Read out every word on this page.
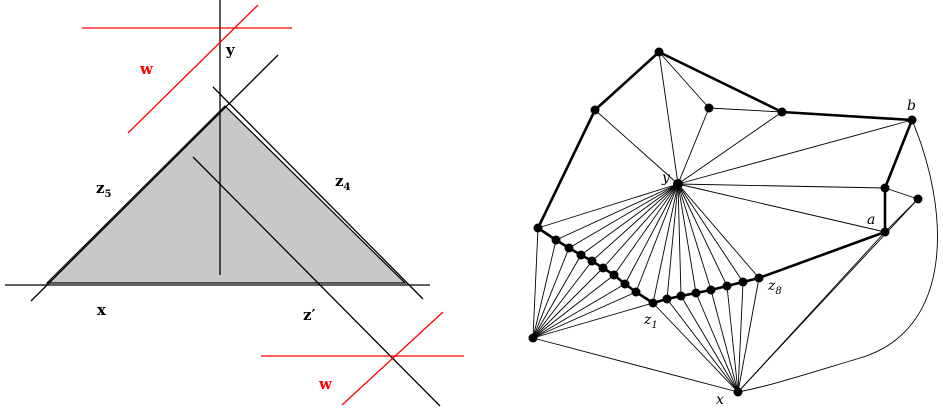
y
w
$z_5$
$z_4$
x	z′
w
y
b
a
$z_8$
$z_1$
x
